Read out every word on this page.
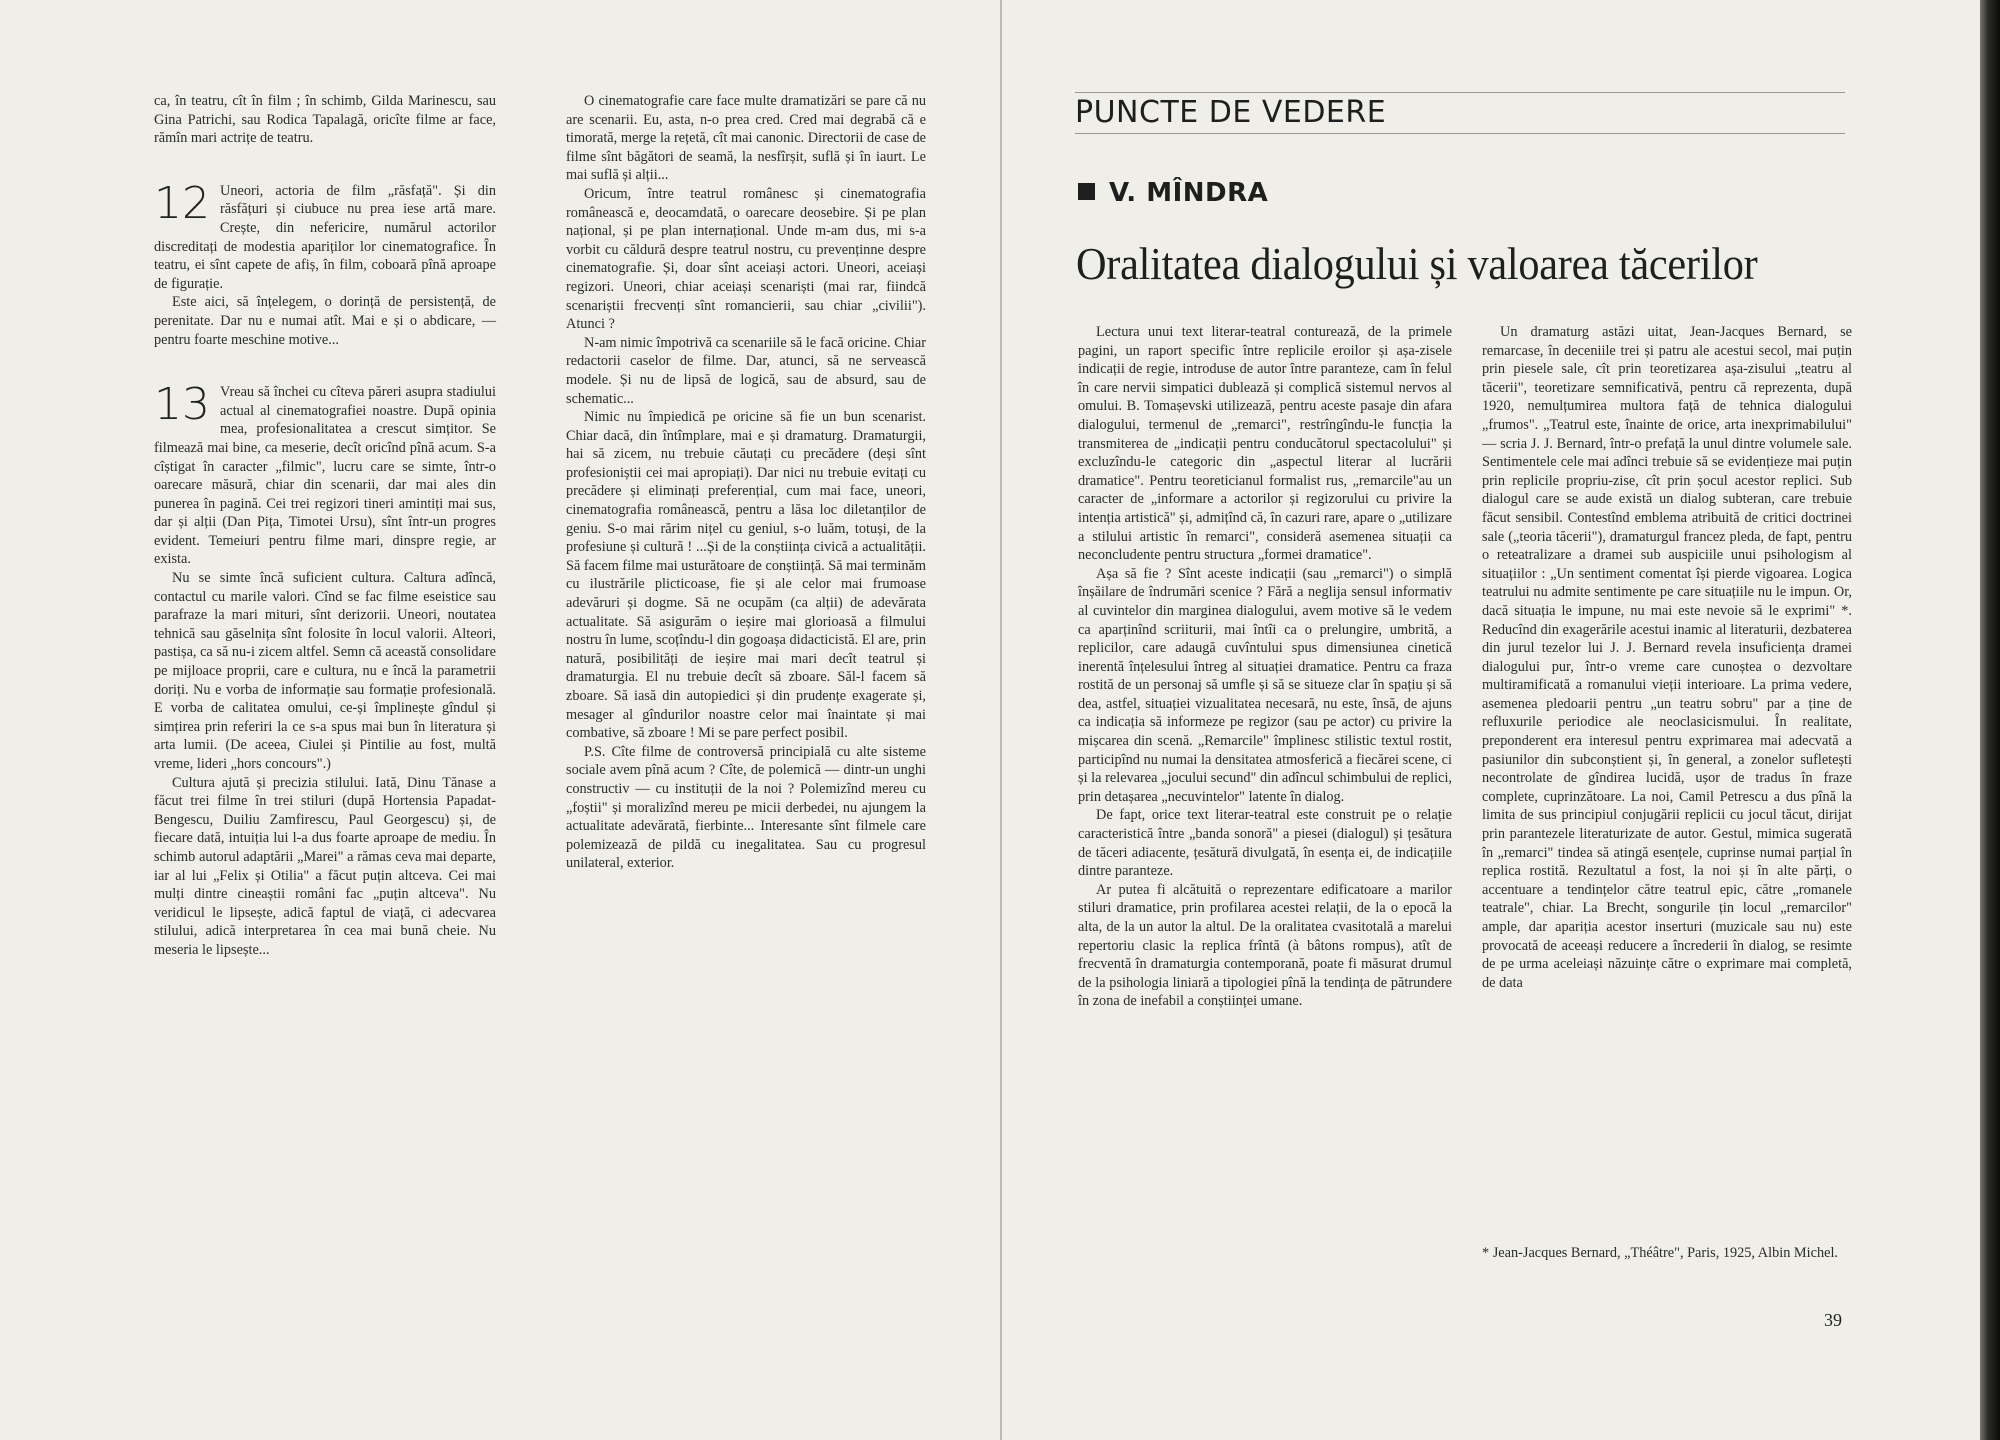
ca, în teatru, cît în film ; în schimb, Gilda Marinescu, sau Gina Patrichi, sau Rodica Tapalagă, oricîte filme ar face, rămîn mari actrițe de teatru.

12 Uneori, actoria de film „răsfață". Și din răsfățuri și ciubuce nu prea iese artă mare. Crește, din nefericire, numărul actorilor discreditați de modestia apariților lor cinematografice. În teatru, ei sînt capete de afiș, în film, coboară pînă aproape de figurație.

Este aici, să înțelegem, o dorință de persistență, de perenitate. Dar nu e numai atît. Mai e și o abdicare, — pentru foarte meschine motive...

13 Vreau să închei cu cîteva păreri asupra stadiului actual al cinematografiei noastre. După opinia mea, profesionalitatea a crescut simțitor. Se filmează mai bine, ca meserie, decît oricînd pînă acum. S-a cîștigat în caracter „filmic", lucru care se simte, într-o oarecare măsură, chiar din scenarii, dar mai ales din punerea în pagină. Cei trei regizori tineri amintiți mai sus, dar și alții (Dan Pița, Timotei Ursu), sînt într-un progres evident. Temeiuri pentru filme mari, dinspre regie, ar exista.

Nu se simte încă suficient cultura. Caltura adîncă, contactul cu marile valori. Cînd se fac filme eseistice sau parafraze la mari mituri, sînt derizorii. Uneori, noutatea tehnică sau găselnița sînt folosite în locul valorii. Alteori, pastișa, ca să nu-i zicem altfel. Semn că aceastǎ consolidare pe mijloace proprii, care e cultura, nu e încă la parametrii doriți. Nu e vorba de informație sau formație profesională. E vorba de calitatea omului, ce-și împlinește gîndul și simțirea prin referiri la ce s-a spus mai bun în literatura și arta lumii. (De aceea, Ciulei și Pintilie au fost, multă vreme, lideri „hors concours".)

Cultura ajută și precizia stilului. Iată, Dinu Tănase a făcut trei filme în trei stiluri (după Hortensia Papadat-Bengescu, Duiliu Zamfirescu, Paul Georgescu) și, de fiecare dată, intuiția lui l-a dus foarte aproape de mediu. În schimb autorul adaptării „Marei" a rămas ceva mai departe, iar al lui „Felix și Otilia" a făcut puțin altceva. Cei mai mulți dintre cineaștii români fac „puțin altceva". Nu veridicul le lipsește, adică faptul de viață, ci adecvarea stilului, adică interpretarea în cea mai bună cheie. Nu meseria le lipsește...

O cinematografie care face multe dramatizări se pare că nu are scenarii. Eu, asta, n-o prea cred. Cred mai degrabă că e timorată, merge la rețetă, cît mai canonic. Directorii de case de filme sînt băgători de seamă, la nesfîrșit, suflă și în iaurt. Le mai suflă și alții...

Oricum, între teatrul românesc și cinematografia românească e, deocamdată, o oarecare deosebire. Și pe plan național, și pe plan internațional. Unde m-am dus, mi s-a vorbit cu căldură despre teatrul nostru, cu prevenținne despre cinematografie. Și, doar sînt aceiași actori. Uneori, aceiași regizori. Uneori, chiar aceiași scenariști (mai rar, fiindcă scenariștii frecvenți sînt romancierii, sau chiar „civilii"). Atunci ?

N-am nimic împotrivă ca scenariile să le facă oricine. Chiar redactorii caselor de filme. Dar, atunci, să ne servească modele. Și nu de lipsă de logică, sau de absurd, sau de schematic...

Nimic nu împiedică pe oricine să fie un bun scenarist. Chiar dacă, din întîmplare, mai e și dramaturg. Dramaturgii, hai să zicem, nu trebuie căutați cu precădere (deși sînt profesioniștii cei mai apropiați). Dar nici nu trebuie evitați cu precădere și eliminați preferențial, cum mai face, uneori, cinematografia românească, pentru a lăsa loc diletanților de geniu. S-o mai rărim nițel cu geniul, s-o luăm, totuși, de la profesiune și cultură ! ...Și de la conștiința civică a actualității. Să facem filme mai usturătoare de conștiință. Să mai terminăm cu ilustrările plicticoase, fie și ale celor mai frumoase adevăruri și dogme. Să ne ocupăm (ca alții) de adevărata actualitate. Să asigurăm o ieșire mai glorioasă a filmului nostru în lume, scoțîndu-l din gogoașa didacticistă. El are, prin natură, posibilități de ieșire mai mari decît teatrul și dramaturgia. El nu trebuie decît să zboare. Săl-l facem să zboare. Să iasă din autopiedici și din prudențe exagerate și, mesager al gîndurilor noastre celor mai înaintate și mai combative, să zboare ! Mi se pare perfect posibil.

P.S. Cîte filme de controversă principială cu alte sisteme sociale avem pînă acum ? Cîte, de polemică — dintr-un unghi constructiv — cu instituții de la noi ? Polemizînd mereu cu „foștii" și moralizînd mereu pe micii derbedei, nu ajungem la actualitate adevărată, fierbinte... Interesante sînt filmele care polemizează de pildă cu inegalitatea. Sau cu progresul unilateral, exterior.

PUNCTE DE VEDERE
V. MÎNDRA
Oralitatea dialogului și valoarea tăcerilor

Lectura unui text literar-teatral conturează, de la primele pagini, un raport specific între replicile eroilor și așa-zisele indicații de regie, introduse de autor între paranteze, cam în felul în care nervii simpatici dublează și complică sistemul nervos al omului. B. Tomașevski utilizează, pentru aceste pasaje din afara dialogului, termenul de „remarci", restrîngîndu-le funcția la transmiterea de „indicații pentru conducătorul spectacolului" și excluzîndu-le categoric din „aspectul literar al lucrării dramatice". Pentru teoreticianul formalist rus, „remarcile"au un caracter de „informare a actorilor și regizorului cu privire la intenția artistică" și, admițînd că, în cazuri rare, apare o „utilizare a stilului artistic în remarci", consideră asemenea situații ca neconcludente pentru structura „formei dramatice".

Așa să fie ? Sînt aceste indicații (sau „remarci") o simplă înșăilare de îndrumări scenice ? Fără a neglija sensul informativ al cuvintelor din marginea dialogului, avem motive să le vedem ca aparținînd scriiturii, mai întîi ca o prelungire, umbrită, a replicilor, care adaugă cuvîntului spus dimensiunea cinetică inerentă înțelesului întreg al situației dramatice. Pentru ca fraza rostită de un personaj să umfle și să se situeze clar în spațiu și să dea, astfel, situației vizualitatea necesară, nu este, însă, de ajuns ca indicația să informeze pe regizor (sau pe actor) cu privire la mișcarea din scenă. „Remarcile" împlinesc stilistic textul rostit, participînd nu numai la densitatea atmosferică a fiecărei scene, ci și la relevarea „jocului secund" din adîncul schimbului de replici, prin detașarea „necuvintelor" latente în dialog.

De fapt, orice text literar-teatral este construit pe o relație caracteristică între „banda sonoră" a piesei (dialogul) și țesătura de tăceri adiacente, țesătură divulgată, în esența ei, de indicațiile dintre paranteze.

Ar putea fi alcătuită o reprezentare edificatoare a marilor stiluri dramatice, prin profilarea acestei relații, de la o epocă la alta, de la un autor la altul. De la oralitatea cvasitotală a marelui repertoriu clasic la replica frîntă (à bâtons rompus), atît de frecventă în dramaturgia contemporană, poate fi măsurat drumul de la psihologia liniară a tipologiei pînă la tendința de pătrundere în zona de inefabil a conștiinței umane.

Un dramaturg astăzi uitat, Jean-Jacques Bernard, se remarcase, în deceniile trei și patru ale acestui secol, mai puțin prin piesele sale, cît prin teoretizarea așa-zisului „teatru al tăcerii", teoretizare semnificativă, pentru că reprezenta, după 1920, nemulțumirea multora față de tehnica dialogului „frumos". „Teatrul este, înainte de orice, arta inexprimabilului" — scria J. J. Bernard, într-o prefață la unul dintre volumele sale. Sentimentele cele mai adînci trebuie să se evidențieze mai puțin prin replicile propriu-zise, cît prin șocul acestor replici. Sub dialogul care se aude există un dialog subteran, care trebuie făcut sensibil. Contestînd emblema atribuită de critici doctrinei sale („teoria tăcerii"), dramaturgul francez pleda, de fapt, pentru o reteatralizare a dramei sub auspiciile unui psihologism al situațiilor : „Un sentiment comentat își pierde vigoarea. Logica teatrului nu admite sentimente pe care situațiile nu le impun. Or, dacă situația le impune, nu mai este nevoie să le exprimi" *. Reducînd din exagerările acestui inamic al literaturii, dezbaterea din jurul tezelor lui J. J. Bernard revela insuficiența dramei dialogului pur, într-o vreme care cunoștea o dezvoltare multiramificată a romanului vieții interioare. La prima vedere, asemenea pledoarii pentru „un teatru sobru" par a ține de refluxurile periodice ale neoclasicismului. În realitate, preponderent era interesul pentru exprimarea mai adecvată a pasiunilor din subconștient și, în general, a zonelor sufletești necontrolate de gîndirea lucidă, ușor de tradus în fraze complete, cuprinzătoare. La noi, Camil Petrescu a dus pînă la limita de sus principiul conjugării replicii cu jocul tăcut, dirijat prin parantezele literaturizate de autor. Gestul, mimica sugerată în „remarci" tindea să atingă esențele, cuprinse numai parțial în replica rostită. Rezultatul a fost, la noi și în alte părți, o accentuare a tendințelor către teatrul epic, către „romanele teatrale", chiar. La Brecht, songurile țin locul „remarcilor" ample, dar apariția acestor inserturi (muzicale sau nu) este provocată de aceeași reducere a încrederii în dialog, se resimte de pe urma aceleiași năzuințe către o exprimare mai completă, de data

* Jean-Jacques Bernard, „Théâtre", Paris, 1925, Albin Michel.
39
